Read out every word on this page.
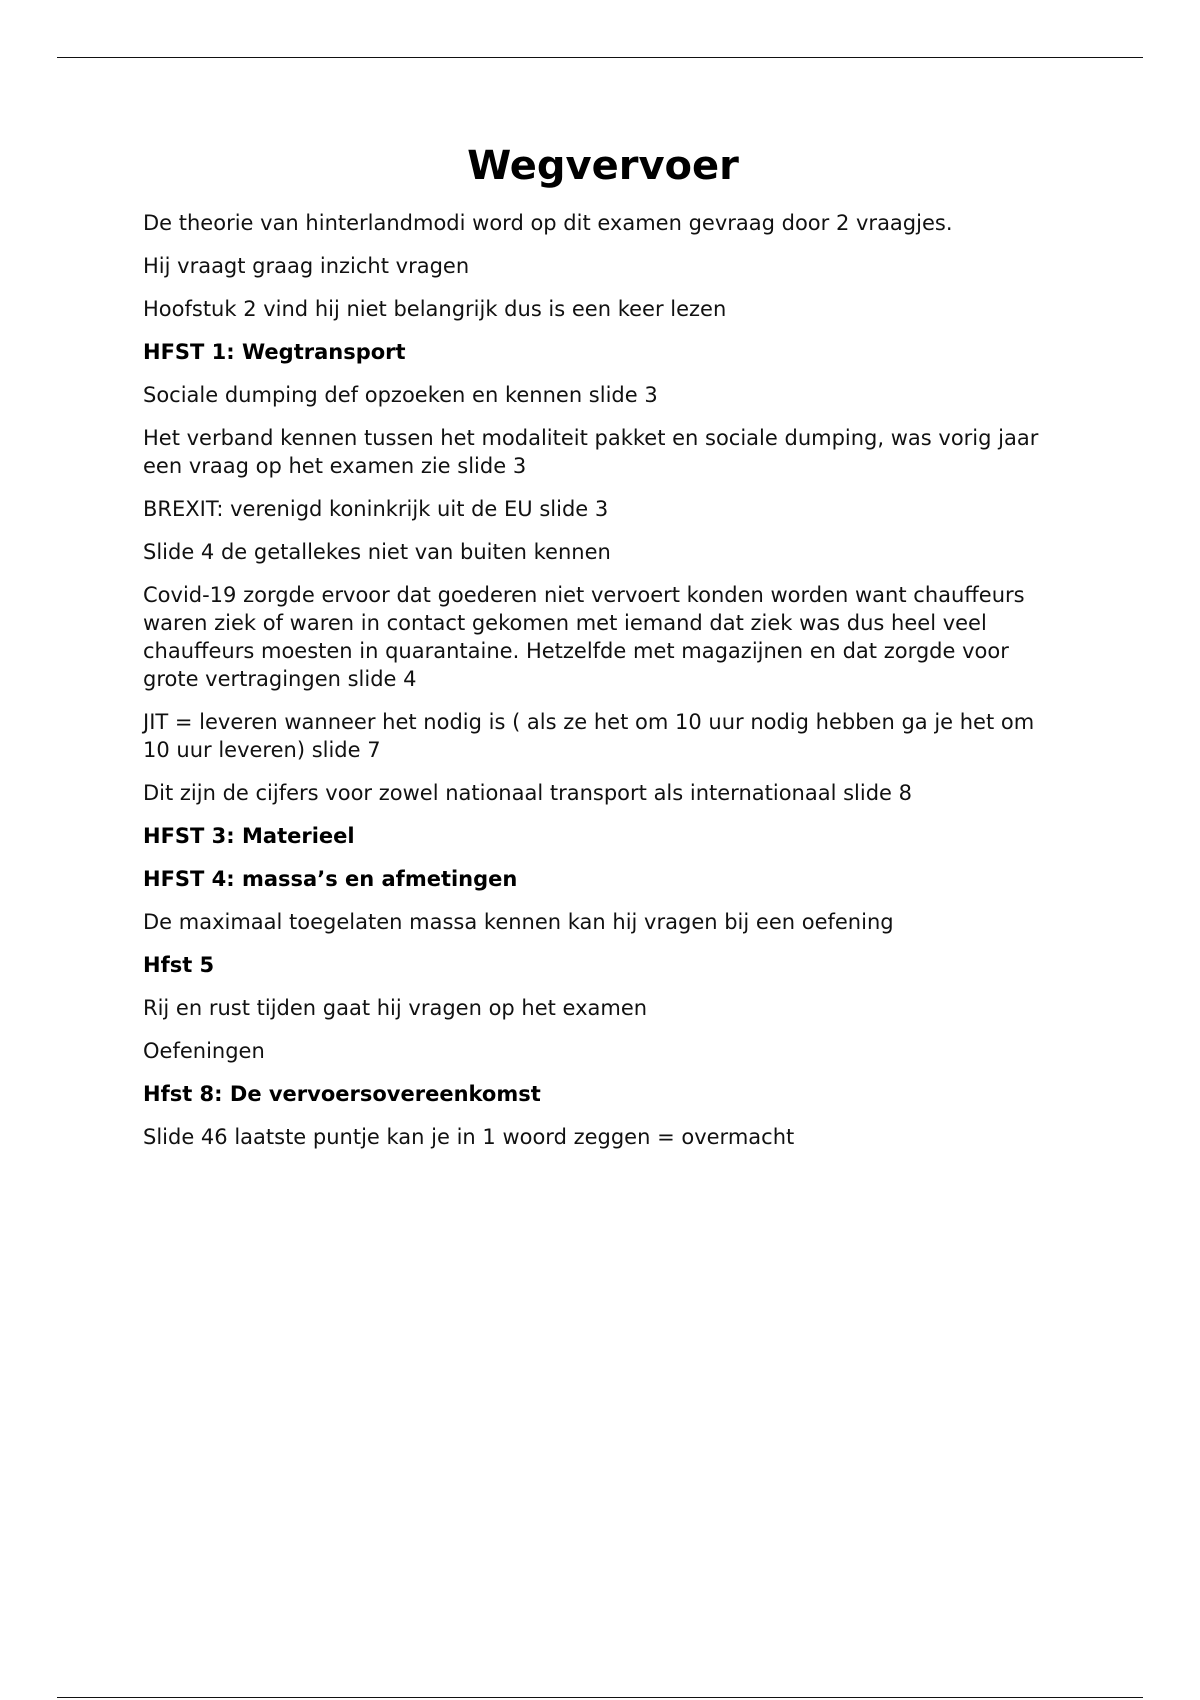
Wegvervoer

De theorie van hinterlandmodi word op dit examen gevraag door 2 vraagjes.

Hij vraagt graag inzicht vragen

Hoofstuk 2 vind hij niet belangrijk dus is een keer lezen

HFST 1: Wegtransport

Sociale dumping def opzoeken en kennen slide 3

Het verband kennen tussen het modaliteit pakket en sociale dumping, was vorig jaar een vraag op het examen zie slide 3

BREXIT: verenigd koninkrijk uit de EU slide 3

Slide 4 de getallekes niet van buiten kennen

Covid-19 zorgde ervoor dat goederen niet vervoert konden worden want chauffeurs waren ziek of waren in contact gekomen met iemand dat ziek was dus heel veel chauffeurs moesten in quarantaine. Hetzelfde met magazijnen en dat zorgde voor grote vertragingen slide 4

JIT = leveren wanneer het nodig is ( als ze het om 10 uur nodig hebben ga je het om 10 uur leveren) slide 7

Dit zijn de cijfers voor zowel nationaal transport als internationaal slide 8

HFST 3: Materieel

HFST 4: massa’s en afmetingen

De maximaal toegelaten massa kennen kan hij vragen bij een oefening

Hfst 5

Rij en rust tijden gaat hij vragen op het examen

Oefeningen

Hfst 8: De vervoersovereenkomst

Slide 46 laatste puntje kan je in 1 woord zeggen = overmacht
